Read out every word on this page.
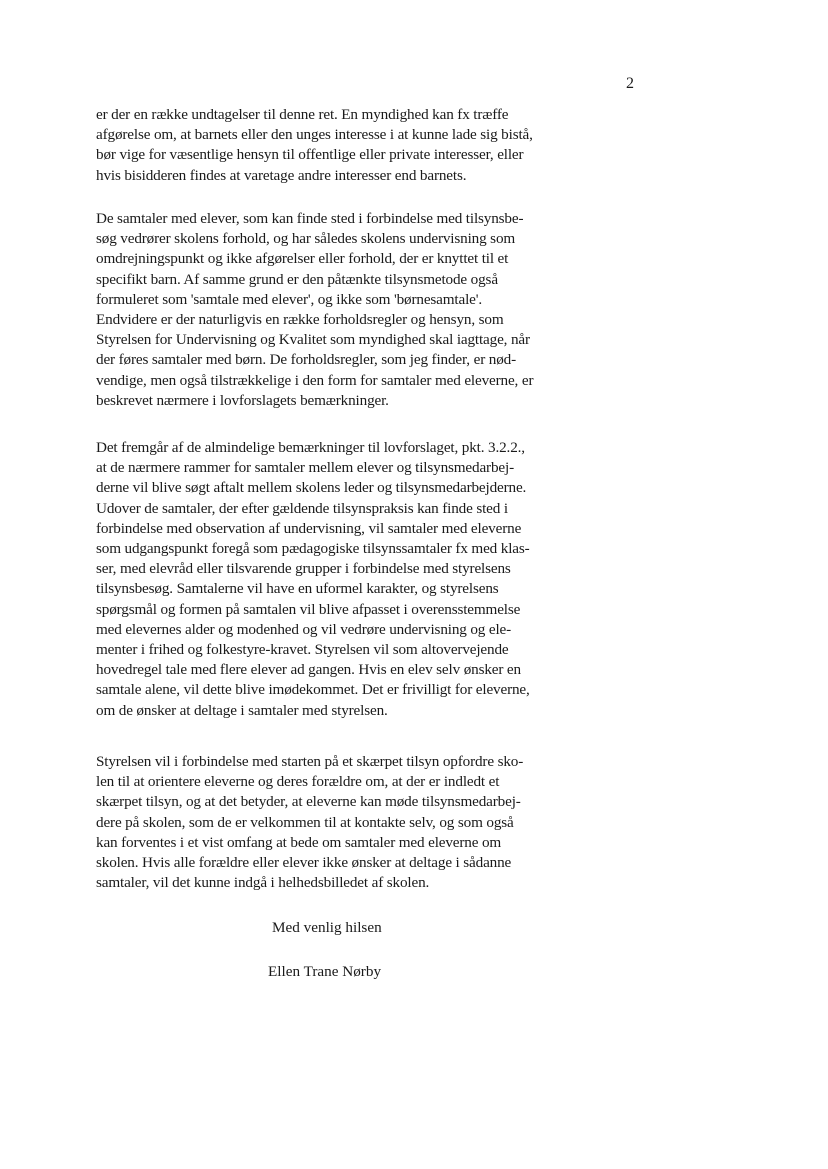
2
er der en række undtagelser til denne ret. En myndighed kan fx træffe
afgørelse om, at barnets eller den unges interesse i at kunne lade sig bistå,
bør vige for væsentlige hensyn til offentlige eller private interesser, eller
hvis bisidderen findes at varetage andre interesser end barnets.
De samtaler med elever, som kan finde sted i forbindelse med tilsynsbe-
søg vedrører skolens forhold, og har således skolens undervisning som
omdrejningspunkt og ikke afgørelser eller forhold, der er knyttet til et
specifikt barn. Af samme grund er den påtænkte tilsynsmetode også
formuleret som 'samtale med elever', og ikke som 'børnesamtale'.
Endvidere er der naturligvis en række forholdsregler og hensyn, som
Styrelsen for Undervisning og Kvalitet som myndighed skal iagttage, når
der føres samtaler med børn. De forholdsregler, som jeg finder, er nød-
vendige, men også tilstrækkelige i den form for samtaler med eleverne, er
beskrevet nærmere i lovforslagets bemærkninger.
Det fremgår af de almindelige bemærkninger til lovforslaget, pkt. 3.2.2.,
at de nærmere rammer for samtaler mellem elever og tilsynsmedarbej-
derne vil blive søgt aftalt mellem skolens leder og tilsynsmedarbejderne.
Udover de samtaler, der efter gældende tilsynspraksis kan finde sted i
forbindelse med observation af undervisning, vil samtaler med eleverne
som udgangspunkt foregå som pædagogiske tilsynssamtaler fx med klas-
ser, med elevråd eller tilsvarende grupper i forbindelse med styrelsens
tilsynsbesøg. Samtalerne vil have en uformel karakter, og styrelsens
spørgsmål og formen på samtalen vil blive afpasset i overensstemmelse
med elevernes alder og modenhed og vil vedrøre undervisning og ele-
menter i frihed og folkestyre-kravet. Styrelsen vil som altovervejende
hovedregel tale med flere elever ad gangen. Hvis en elev selv ønsker en
samtale alene, vil dette blive imødekommet. Det er frivilligt for eleverne,
om de ønsker at deltage i samtaler med styrelsen.
Styrelsen vil i forbindelse med starten på et skærpet tilsyn opfordre sko-
len til at orientere eleverne og deres forældre om, at der er indledt et
skærpet tilsyn, og at det betyder, at eleverne kan møde tilsynsmedarbej-
dere på skolen, som de er velkommen til at kontakte selv, og som også
kan forventes i et vist omfang at bede om samtaler med eleverne om
skolen. Hvis alle forældre eller elever ikke ønsker at deltage i sådanne
samtaler, vil det kunne indgå i helhedsbilledet af skolen.
Med venlig hilsen
Ellen Trane Nørby
